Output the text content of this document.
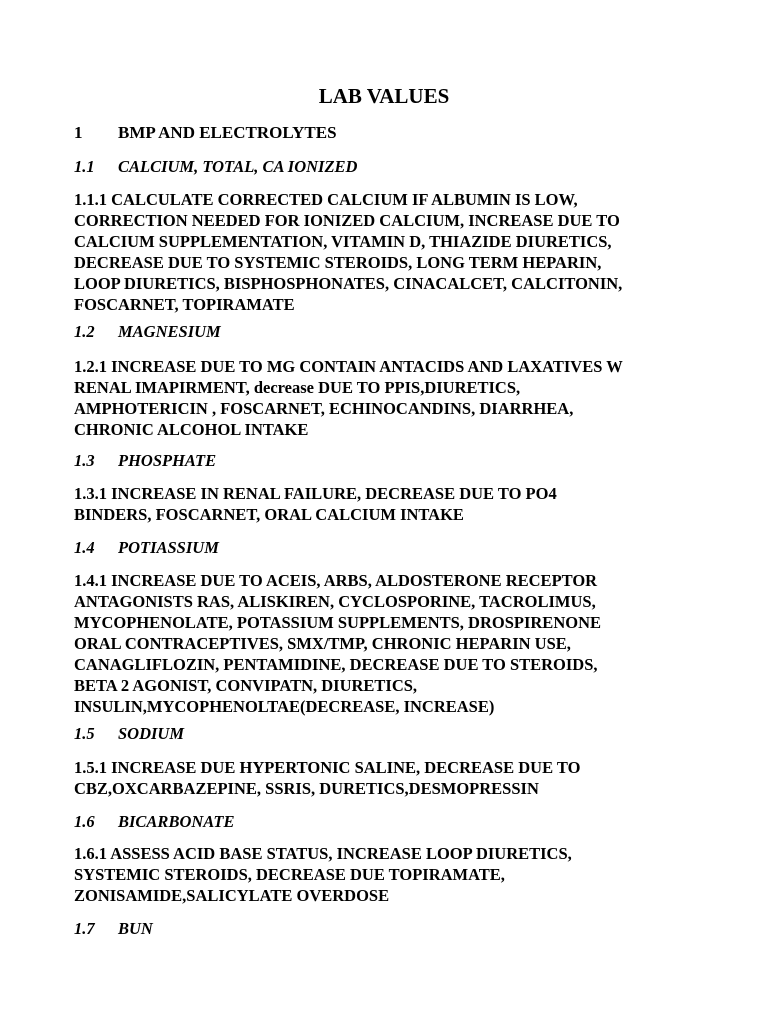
LAB VALUES
1 BMP AND ELECTROLYTES
1.1 CALCIUM, TOTAL, CA IONIZED
1.1.1 CALCULATE CORRECTED CALCIUM IF ALBUMIN IS LOW,
CORRECTION NEEDED FOR IONIZED CALCIUM, INCREASE DUE TO
CALCIUM SUPPLEMENTATION, VITAMIN D, THIAZIDE DIURETICS,
DECREASE DUE TO SYSTEMIC STEROIDS, LONG TERM HEPARIN,
LOOP DIURETICS, BISPHOSPHONATES, CINACALCET, CALCITONIN,
FOSCARNET, TOPIRAMATE
1.2 MAGNESIUM
1.2.1 INCREASE DUE TO MG CONTAIN ANTACIDS AND LAXATIVES W
RENAL IMAPIRMENT, decrease DUE TO PPIS,DIURETICS,
AMPHOTERICIN , FOSCARNET, ECHINOCANDINS, DIARRHEA,
CHRONIC ALCOHOL INTAKE
1.3 PHOSPHATE
1.3.1 INCREASE IN RENAL FAILURE, DECREASE DUE TO PO4
BINDERS, FOSCARNET, ORAL CALCIUM INTAKE
1.4 POTIASSIUM
1.4.1 INCREASE DUE TO ACEIS, ARBS, ALDOSTERONE RECEPTOR
ANTAGONISTS RAS, ALISKIREN, CYCLOSPORINE, TACROLIMUS,
MYCOPHENOLATE, POTASSIUM SUPPLEMENTS, DROSPIRENONE
ORAL CONTRACEPTIVES, SMX/TMP, CHRONIC HEPARIN USE,
CANAGLIFLOZIN, PENTAMIDINE, DECREASE DUE TO STEROIDS,
BETA 2 AGONIST, CONVIPATN, DIURETICS,
INSULIN,MYCOPHENOLTAE(DECREASE, INCREASE)
1.5 SODIUM
1.5.1 INCREASE DUE HYPERTONIC SALINE, DECREASE DUE TO
CBZ,OXCARBAZEPINE, SSRIS, DURETICS,DESMOPRESSIN
1.6 BICARBONATE
1.6.1 ASSESS ACID BASE STATUS, INCREASE LOOP DIURETICS,
SYSTEMIC STEROIDS, DECREASE DUE TOPIRAMATE,
ZONISAMIDE,SALICYLATE OVERDOSE
1.7 BUN
